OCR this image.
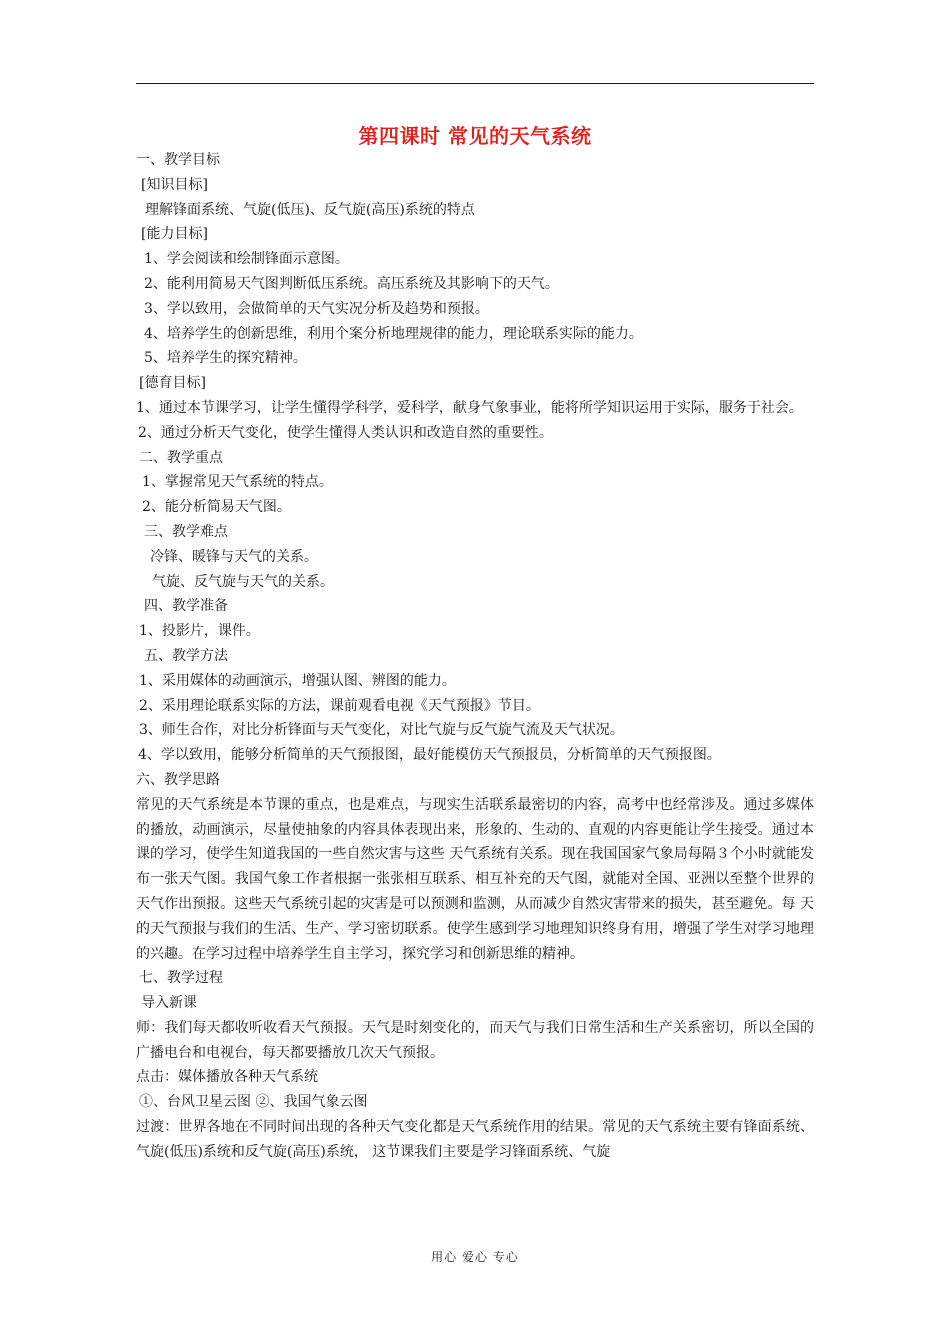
第四课时 常见的天气系统
一、教学目标
[知识目标]
理解锋面系统、气旋(低压)、反气旋(高压)系统的特点
[能力目标]
1、学会阅读和绘制锋面示意图。
2、能利用简易天气图判断低压系统。高压系统及其影响下的天气。
3、学以致用，会做简单的天气实况分析及趋势和预报。
4、培养学生的创新思维，利用个案分析地理规律的能力，理论联系实际的能力。
5、培养学生的探究精神。
[德育目标]
1、通过本节课学习，让学生懂得学科学，爱科学，献身气象事业，能将所学知识运用于实际，服务于社会。
2、通过分析天气变化，使学生懂得人类认识和改造自然的重要性。
二、教学重点
1、掌握常见天气系统的特点。
2、能分析简易天气图。
三、教学难点
冷锋、暖锋与天气的关系。
气旋、反气旋与天气的关系。
四、教学准备
1、投影片，课件。
五、教学方法
1、采用媒体的动画演示，增强认图、辨图的能力。
2、采用理论联系实际的方法，课前观看电视《天气预报》节目。
3、师生合作，对比分析锋面与天气变化，对比气旋与反气旋气流及天气状况。
4、学以致用，能够分析简单的天气预报图，最好能模仿天气预报员，分析简单的天气预报图。
六、教学思路
常见的天气系统是本节课的重点，也是难点，与现实生活联系最密切的内容，高考中也经常涉及。通过多媒体的播放，动画演示，尽量使抽象的内容具体表现出来，形象的、生动的、直观的内容更能让学生接受。通过本课的学习，使学生知道我国的一些自然灾害与这些 天气系统有关系。现在我国国家气象局每隔３个小时就能发布一张天气图。我国气象工作者根据一张张相互联系、相互补充的天气图，就能对全国、亚洲以至整个世界的天气作出预报。这些天气系统引起的灾害是可以预测和监测，从而减少自然灾害带来的损失，甚至避免。每 天的天气预报与我们的生活、生产、学习密切联系。使学生感到学习地理知识终身有用，增强了学生对学习地理的兴趣。在学习过程中培养学生自主学习，探究学习和创新思维的精神。
七、教学过程
导入新课
师：我们每天都收听收看天气预报。天气是时刻变化的，而天气与我们日常生活和生产关系密切，所以全国的广播电台和电视台，每天都要播放几次天气预报。
点击：媒体播放各种天气系统
①、台风卫星云图 ②、我国气象云图
过渡：世界各地在不同时间出现的各种天气变化都是天气系统作用的结果。常见的天气系统主要有锋面系统、气旋(低压)系统和反气旋(高压)系统， 这节课我们主要是学习锋面系统、气旋
用心 爱心 专心
